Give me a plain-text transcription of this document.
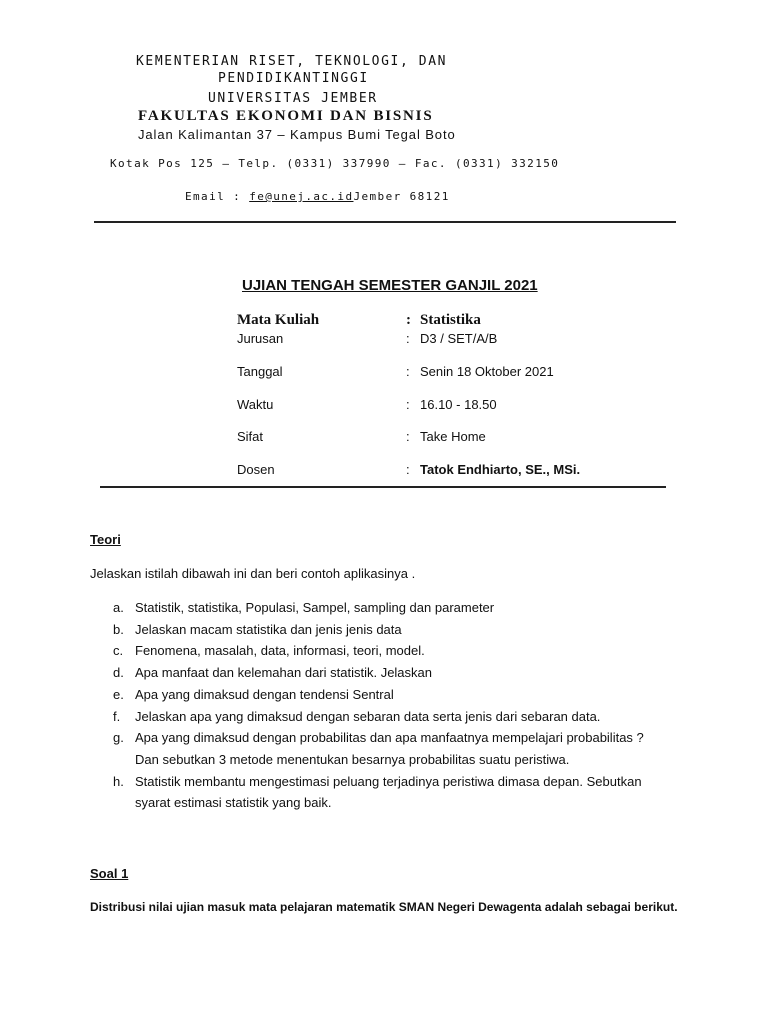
KEMENTERIAN RISET, TEKNOLOGI, DAN
PENDIDIKANTINGGI
UNIVERSITAS JEMBER
FAKULTAS EKONOMI DAN BISNIS
Jalan Kalimantan 37 – Kampus Bumi Tegal Boto
Kotak Pos 125 – Telp. (0331) 337990 – Fac. (0331) 332150
Email : fe@unej.ac.idJember 68121
UJIAN TENGAH SEMESTER GANJIL 2021
Mata Kuliah	: Statistika
Jurusan	: D3 / SET/A/B
Tanggal	: Senin 18 Oktober 2021
Waktu	: 16.10 - 18.50
Sifat	: Take Home
Dosen	: Tatok Endhiarto, SE., MSi.
Teori
Jelaskan istilah dibawah ini dan beri contoh aplikasinya .
a. Statistik, statistika, Populasi, Sampel, sampling dan parameter
b. Jelaskan macam statistika dan jenis jenis data
c. Fenomena, masalah, data, informasi, teori, model.
d. Apa manfaat dan kelemahan dari statistik. Jelaskan
e. Apa yang dimaksud dengan tendensi Sentral
f. Jelaskan apa yang dimaksud dengan sebaran data serta jenis dari sebaran data.
g. Apa yang dimaksud dengan probabilitas dan apa manfaatnya mempelajari probabilitas ?
Dan sebutkan 3 metode menentukan besarnya probabilitas suatu peristiwa.
h. Statistik membantu mengestimasi peluang terjadinya peristiwa dimasa depan. Sebutkan
syarat estimasi statistik yang baik.
Soal 1
Distribusi nilai ujian masuk mata pelajaran matematik SMAN Negeri Dewagenta adalah sebagai berikut.
